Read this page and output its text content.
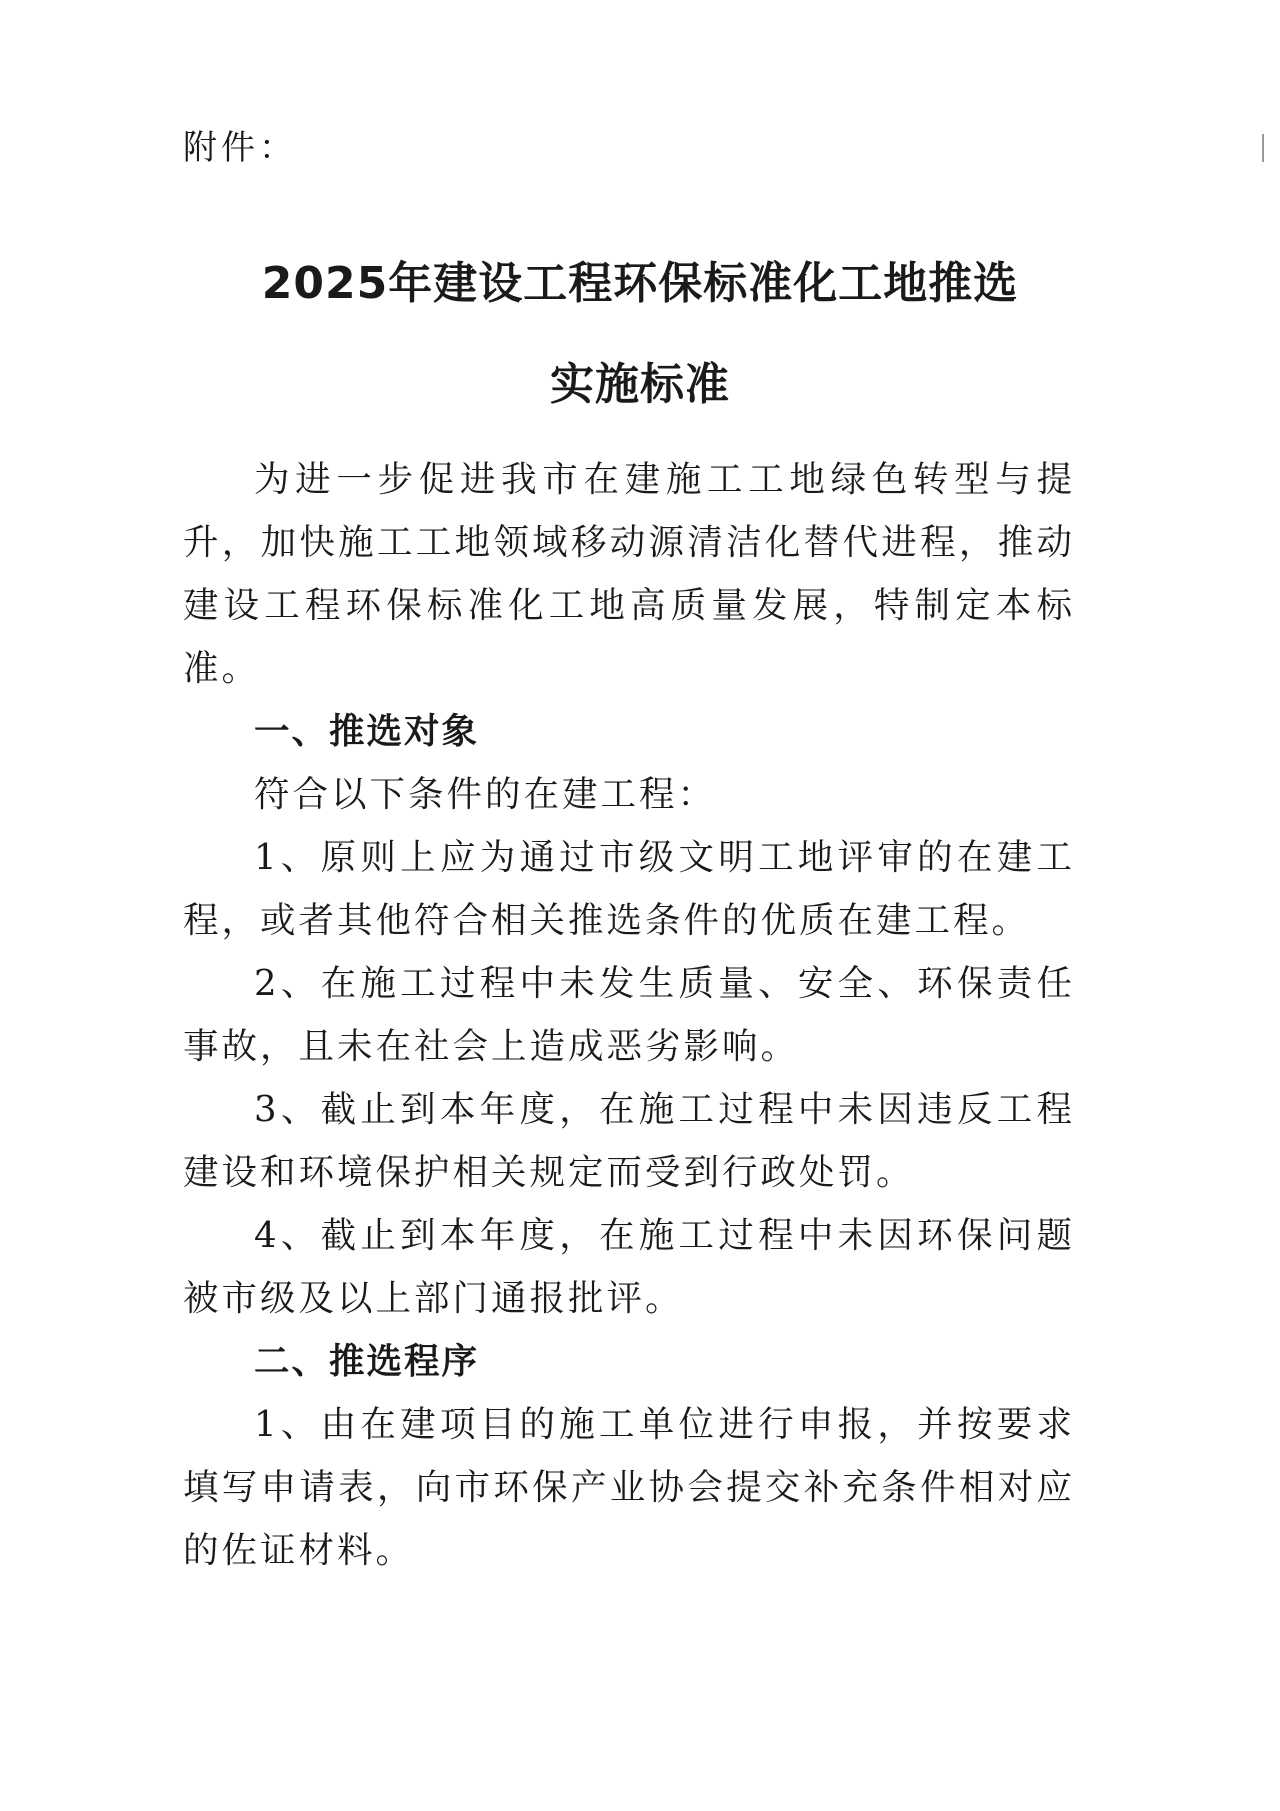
附件：
2025年建设工程环保标准化工地推选
实施标准

为进一步促进我市在建施工工地绿色转型与提升，加快施工工地领域移动源清洁化替代进程，推动建设工程环保标准化工地高质量发展，特制定本标准。

一、推选对象

符合以下条件的在建工程：

1、原则上应为通过市级文明工地评审的在建工程，或者其他符合相关推选条件的优质在建工程。

2、在施工过程中未发生质量、安全、环保责任事故，且未在社会上造成恶劣影响。

3、截止到本年度，在施工过程中未因违反工程建设和环境保护相关规定而受到行政处罚。

4、截止到本年度，在施工过程中未因环保问题被市级及以上部门通报批评。

二、推选程序

1、由在建项目的施工单位进行申报，并按要求填写申请表，向市环保产业协会提交补充条件相对应的佐证材料。
